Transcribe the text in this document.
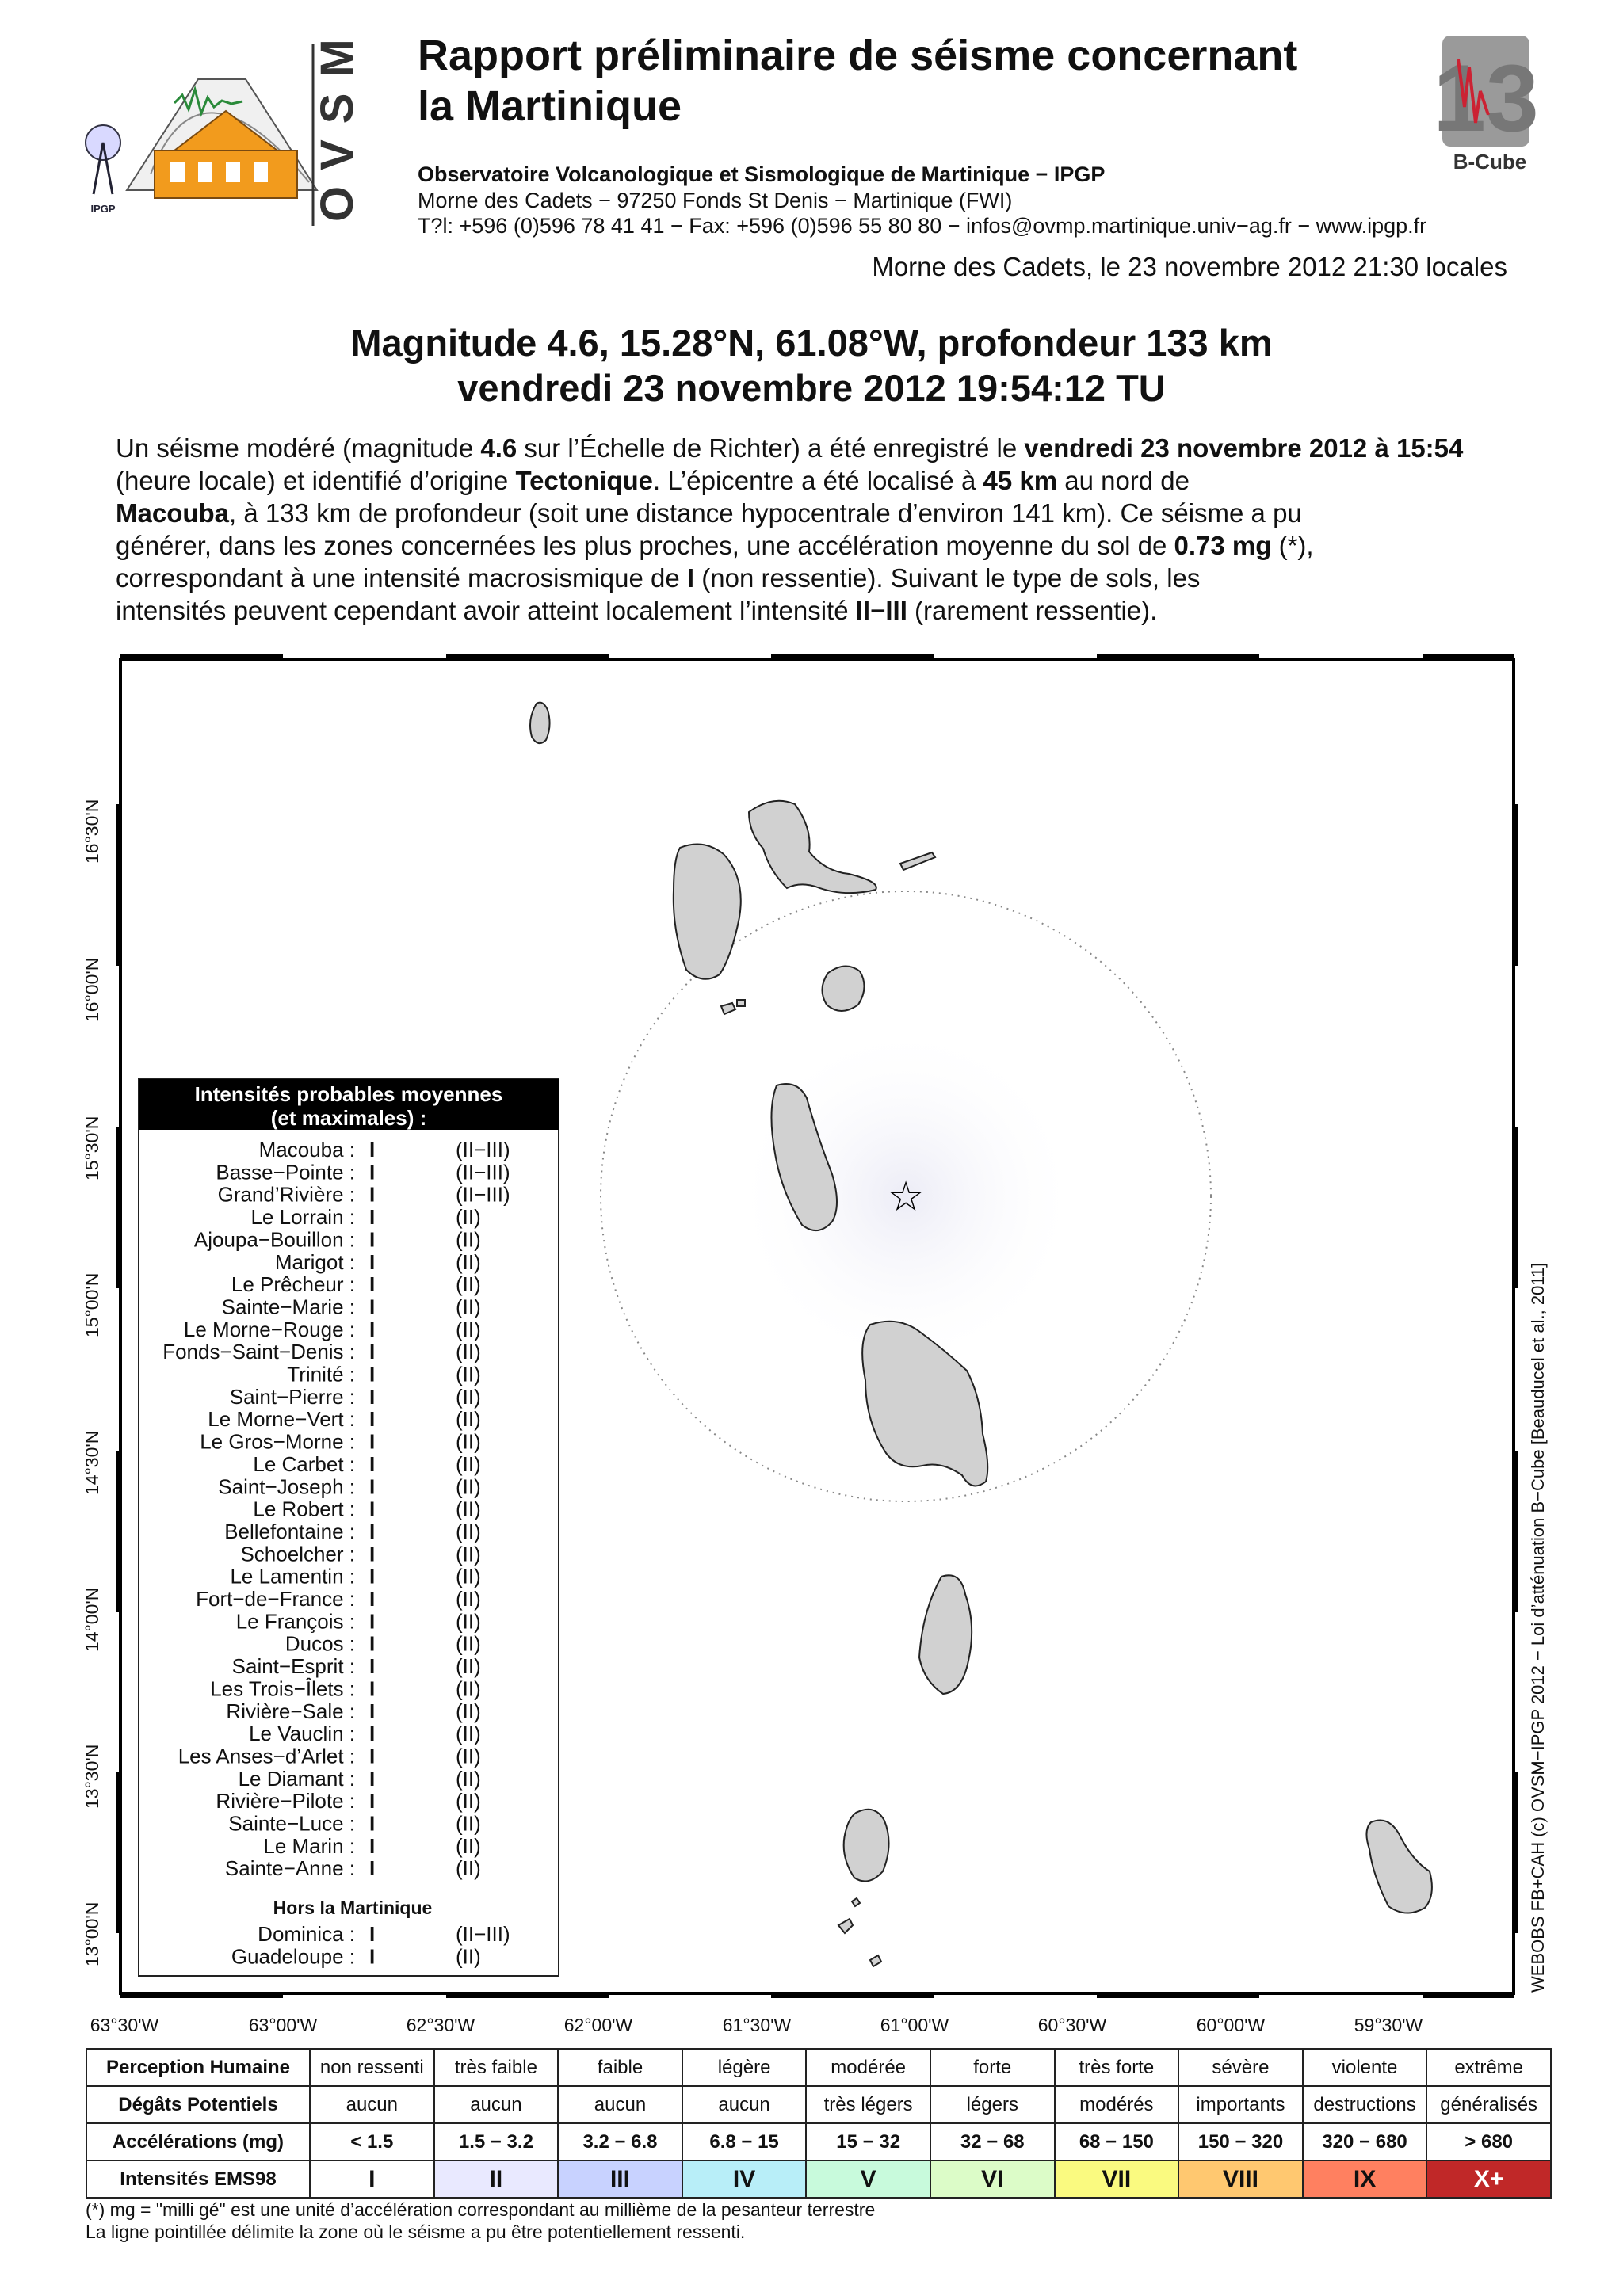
IPGP	OVSM Rapport préliminaire de séisme concernant
la Martinique	13
B-Cube
Observatoire Volcanologique et Sismologique de Martinique − IPGP
Morne des Cadets − 97250 Fonds St Denis − Martinique (FWI)
T?l: +596 (0)596 78 41 41 − Fax: +596 (0)596 55 80 80 − infos@ovmp.martinique.univ−ag.fr − www.ipgp.fr
Morne des Cadets, le 23 novembre 2012 21:30 locales
Magnitude 4.6, 15.28°N, 61.08°W, profondeur 133 km
vendredi 23 novembre 2012 19:54:12 TU
Un séisme modéré (magnitude 4.6 sur l’Échelle de Richter) a été enregistré le vendredi 23 novembre 2012 à 15:54
(heure locale) et identifié d’origine Tectonique. L’épicentre a été localisé à 45 km au nord de
Macouba, à 133 km de profondeur (soit une distance hypocentrale d’environ 141 km). Ce séisme a pu
générer, dans les zones concernées les plus proches, une accélération moyenne du sol de 0.73 mg (*),
correspondant à une intensité macrosismique de I (non ressentie). Suivant le type de sols, les
intensités peuvent cependant avoir atteint localement l’intensité II−III (rarement ressentie).
☆
16°30'N
16°00'N
15°30'N
15°00'N
14°30'N
14°00'N
13°30'N
13°00'N
63°30'W	63°00'W	62°30'W	62°00'W	61°30'W	61°00'W	60°30'W	60°00'W	59°30'W
WEBOBS FB+CAH (c) OVSM−IPGP 2012 − Loi d’atténuation B−Cube [Beauducel et al., 2011]
Intensités probables moyennes
(et maximales) :
Macouba : I	(II−III)
Basse−Pointe : I	(II−III)
Grand’Rivière : I	(II−III)
Le Lorrain : I	(II)
Ajoupa−Bouillon : I	(II)
Marigot : I	(II)
Le Prêcheur : I	(II)
Sainte−Marie : I	(II)
Le Morne−Rouge : I	(II)
Fonds−Saint−Denis : I	(II)
Trinité : I	(II)
Saint−Pierre : I	(II)
Le Morne−Vert : I	(II)
Le Gros−Morne : I	(II)
Le Carbet : I	(II)
Saint−Joseph : I	(II)
Le Robert : I	(II)
Bellefontaine : I	(II)
Schoelcher : I	(II)
Le Lamentin : I	(II)
Fort−de−France : I	(II)
Le François : I	(II)
Ducos : I	(II)
Saint−Esprit : I	(II)
Les Trois−Îlets : I	(II)
Rivière−Sale : I	(II)
Le Vauclin : I	(II)
Les Anses−d’Arlet : I	(II)
Le Diamant : I	(II)
Rivière−Pilote : I	(II)
Sainte−Luce : I	(II)
Le Marin : I	(II)
Sainte−Anne : I	(II)
Hors la Martinique
Dominica : I	(II−III)
Guadeloupe : I	(II)
Perception Humaine	non ressenti	très faible	faible	légère	modérée	forte	très forte	sévère	violente	extrême
Dégâts Potentiels	aucun	aucun	aucun	aucun	très légers	légers	modérés	importants	destructions	généralisés
Accélérations (mg)	< 1.5	1.5 − 3.2	3.2 − 6.8	6.8 − 15	15 − 32	32 − 68	68 − 150	150 − 320	320 − 680	> 680
Intensités EMS98	I	II	III	IV	V	VI	VII	VIII	IX	X+
(*) mg = "milli gé" est une unité d’accélération correspondant au millième de la pesanteur terrestre
La ligne pointillée délimite la zone où le séisme a pu être potentiellement ressenti.
